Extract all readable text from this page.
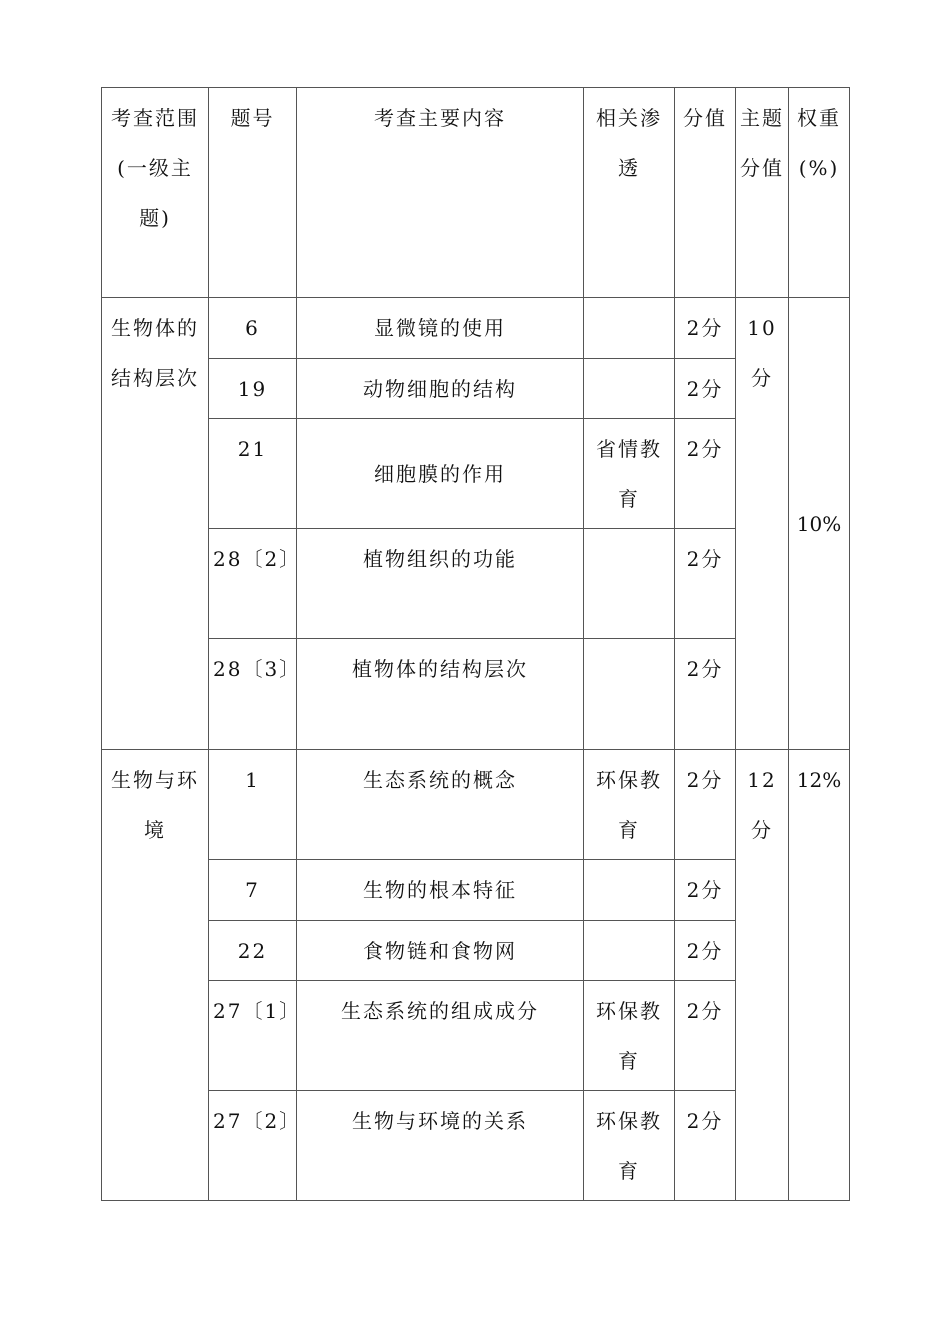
考查范围(一级主题)	题号	考查主要内容	相关渗透	分值	主题分值	权重(%)
生物体的结构层次	6	显微镜的使用		2分	10分	10%
	19	动物细胞的结构		2分		
	21	细胞膜的作用	省情教育	2分		
	28〔2〕	植物组织的功能		2分		
	28〔3〕	植物体的结构层次		2分		
生物与环境	1	生态系统的概念	环保教育	2分	12分	12%
	7	生物的根本特征		2分		
	22	食物链和食物网		2分		
	27〔1〕	生态系统的组成成分	环保教育	2分		
	27〔2〕	生物与环境的关系	环保教育	2分		
